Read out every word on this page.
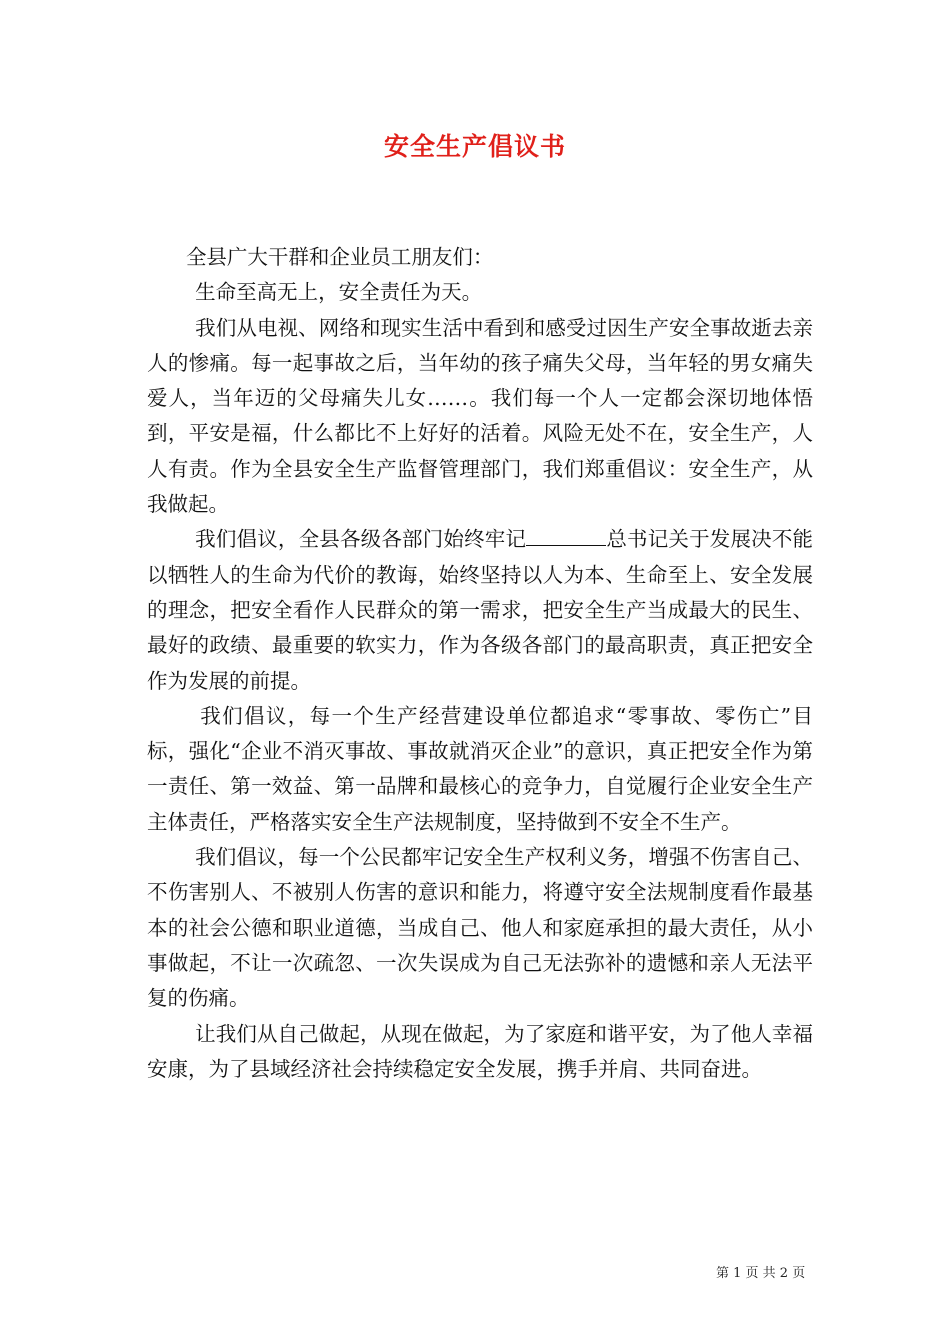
安全生产倡议书

全县广大干群和企业员工朋友们：

生命至高无上，安全责任为天。

我们从电视、网络和现实生活中看到和感受过因生产安全事故逝去亲人的惨痛。每一起事故之后，当年幼的孩子痛失父母，当年轻的男女痛失爱人，当年迈的父母痛失儿女……。我们每一个人一定都会深切地体悟到，平安是福，什么都比不上好好的活着。风险无处不在，安全生产，人人有责。作为全县安全生产监督管理部门，我们郑重倡议：安全生产，从我做起。

我们倡议，全县各级各部门始终牢记	总书记关于发展决不能以牺牲人的生命为代价的教诲，始终坚持以人为本、生命至上、安全发展的理念，把安全看作人民群众的第一需求，把安全生产当成最大的民生、最好的政绩、最重要的软实力，作为各级各部门的最高职责，真正把安全作为发展的前提。

我们倡议，每一个生产经营建设单位都追求“零事故、零伤亡”目标，强化“企业不消灭事故、事故就消灭企业”的意识，真正把安全作为第一责任、第一效益、第一品牌和最核心的竞争力，自觉履行企业安全生产主体责任，严格落实安全生产法规制度，坚持做到不安全不生产。

我们倡议，每一个公民都牢记安全生产权利义务，增强不伤害自己、不伤害别人、不被别人伤害的意识和能力，将遵守安全法规制度看作最基本的社会公德和职业道德，当成自己、他人和家庭承担的最大责任，从小事做起，不让一次疏忽、一次失误成为自己无法弥补的遗憾和亲人无法平复的伤痛。

让我们从自己做起，从现在做起，为了家庭和谐平安，为了他人幸福安康，为了县域经济社会持续稳定安全发展，携手并肩、共同奋进。

第 1 页 共 2 页
